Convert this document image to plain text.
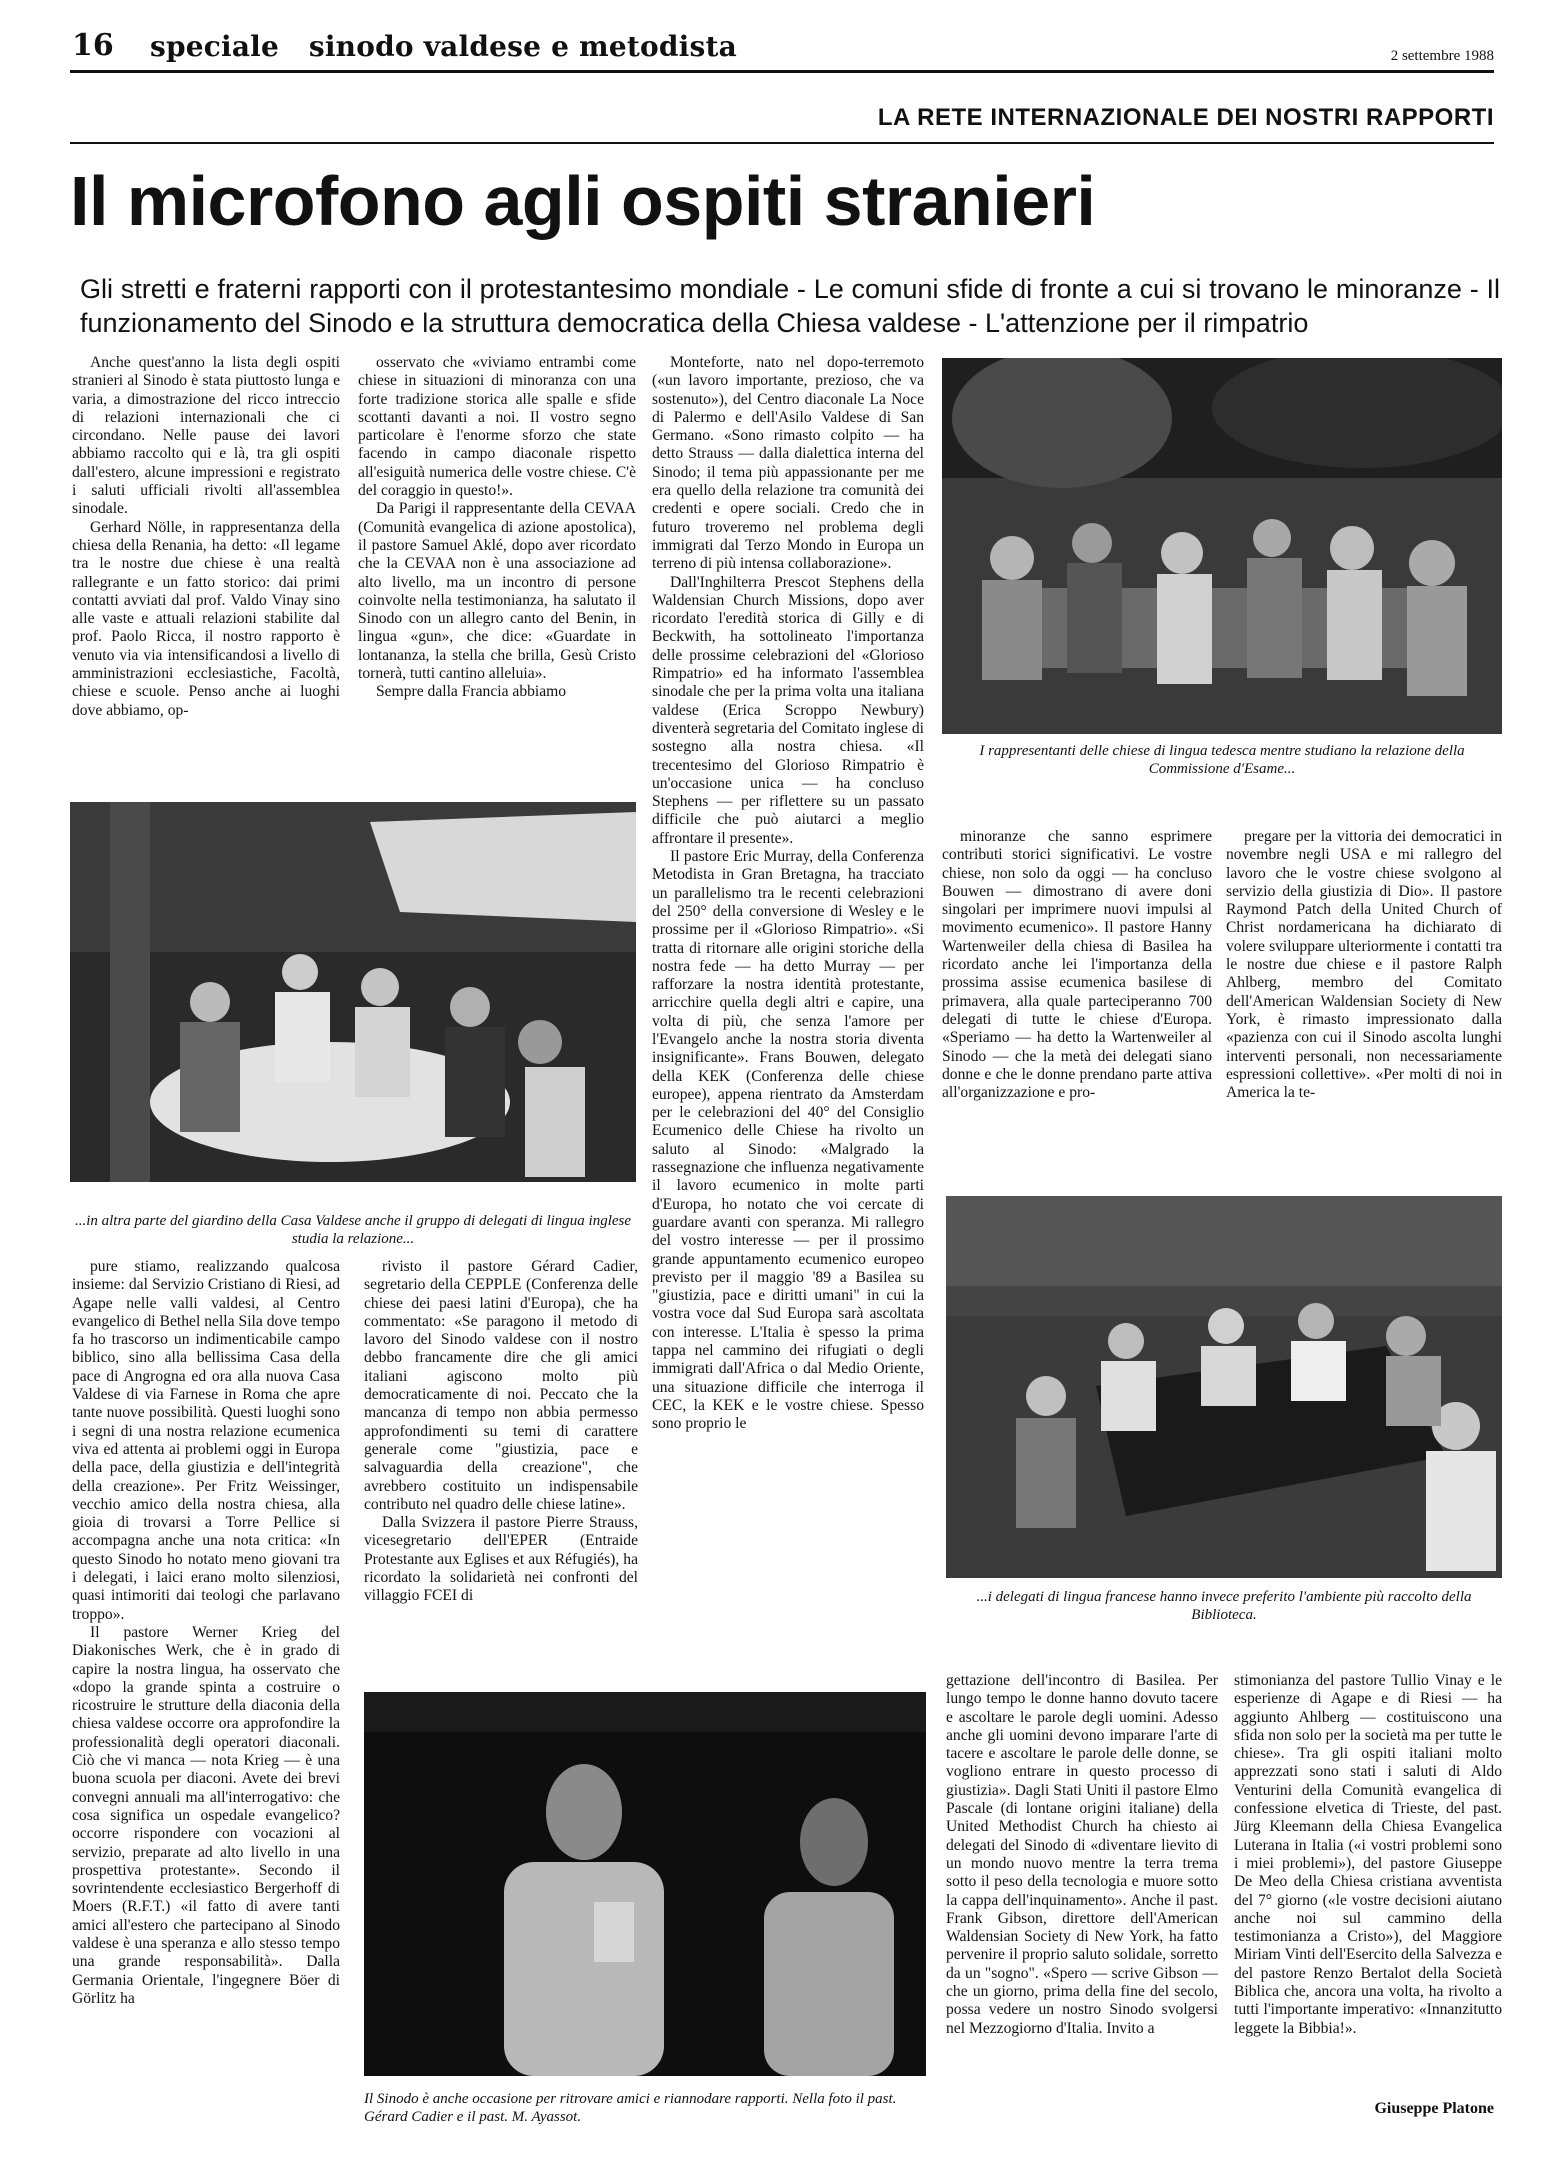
16 speciale   sinodo valdese e metodista	2 settembre 1988
LA RETE INTERNAZIONALE DEI NOSTRI RAPPORTI
Il microfono agli ospiti stranieri
Gli stretti e fraterni rapporti con il protestantesimo mondiale - Le comuni sfide di fronte a cui si trovano le minoranze - Il funzionamento del Sinodo e la struttura democratica della Chiesa valdese - L'attenzione per il rimpatrio

Anche quest'anno la lista degli ospiti stranieri al Sinodo è stata piuttosto lunga e varia, a dimostrazione del ricco intreccio di relazioni internazionali che ci circondano. Nelle pause dei lavori abbiamo raccolto qui e là, tra gli ospiti dall'estero, alcune impressioni e registrato i saluti ufficiali rivolti all'assemblea sinodale.

Gerhard Nölle, in rappresentanza della chiesa della Renania, ha detto: «Il legame tra le nostre due chiese è una realtà rallegrante e un fatto storico: dai primi contatti avviati dal prof. Valdo Vinay sino alle vaste e attuali relazioni stabilite dal prof. Paolo Ricca, il nostro rapporto è venuto via via intensificandosi a livello di amministrazioni ecclesiastiche, Facoltà, chiese e scuole. Penso anche ai luoghi dove abbiamo, op-

osservato che «viviamo entrambi come chiese in situazioni di minoranza con una forte tradizione storica alle spalle e sfide scottanti davanti a noi. Il vostro segno particolare è l'enorme sforzo che state facendo in campo diaconale rispetto all'esiguità numerica delle vostre chiese. C'è del coraggio in questo!».

Da Parigi il rappresentante della CEVAA (Comunità evangelica di azione apostolica), il pastore Samuel Aklé, dopo aver ricordato che la CEVAA non è una associazione ad alto livello, ma un incontro di persone coinvolte nella testimonianza, ha salutato il Sinodo con un allegro canto del Benin, in lingua «gun», che dice: «Guardate in lontananza, la stella che brilla, Gesù Cristo tornerà, tutti cantino alleluia».

Sempre dalla Francia abbiamo

Monteforte, nato nel dopo-terremoto («un lavoro importante, prezioso, che va sostenuto»), del Centro diaconale La Noce di Palermo e dell'Asilo Valdese di San Germano. «Sono rimasto colpito — ha detto Strauss — dalla dialettica interna del Sinodo; il tema più appassionante per me era quello della relazione tra comunità dei credenti e opere sociali. Credo che in futuro troveremo nel problema degli immigrati dal Terzo Mondo in Europa un terreno di più intensa collaborazione».

Dall'Inghilterra Prescot Stephens della Waldensian Church Missions, dopo aver ricordato l'eredità storica di Gilly e di Beckwith, ha sottolineato l'importanza delle prossime celebrazioni del «Glorioso Rimpatrio» ed ha informato l'assemblea sinodale che per la prima volta una italiana valdese (Erica Scroppo Newbury) diventerà segretaria del Comitato inglese di sostegno alla nostra chiesa. «Il trecentesimo del Glorioso Rimpatrio è un'occasione unica — ha concluso Stephens — per riflettere su un passato difficile che può aiutarci a meglio affrontare il presente».

Il pastore Eric Murray, della Conferenza Metodista in Gran Bretagna, ha tracciato un parallelismo tra le recenti celebrazioni del 250° della conversione di Wesley e le prossime per il «Glorioso Rimpatrio». «Si tratta di ritornare alle origini storiche della nostra fede — ha detto Murray — per rafforzare la nostra identità protestante, arricchire quella degli altri e capire, una volta di più, che senza l'amore per l'Evangelo anche la nostra storia diventa insignificante». Frans Bouwen, delegato della KEK (Conferenza delle chiese europee), appena rientrato da Amsterdam per le celebrazioni del 40° del Consiglio Ecumenico delle Chiese ha rivolto un saluto al Sinodo: «Malgrado la rassegnazione che influenza negativamente il lavoro ecumenico in molte parti d'Europa, ho notato che voi cercate di guardare avanti con speranza. Mi rallegro del vostro interesse — per il prossimo grande appuntamento ecumenico europeo previsto per il maggio '89 a Basilea su "giustizia, pace e diritti umani" in cui la vostra voce dal Sud Europa sarà ascoltata con interesse. L'Italia è spesso la prima tappa nel cammino dei rifugiati o degli immigrati dall'Africa o dal Medio Oriente, una situazione difficile che interroga il CEC, la KEK e le vostre chiese. Spesso sono proprio le

I rappresentanti delle chiese di lingua tedesca mentre studiano la relazione della Commissione d'Esame...
...in altra parte del giardino della Casa Valdese anche il gruppo di delegati di lingua inglese studia la relazione...

minoranze che sanno esprimere contributi storici significativi. Le vostre chiese, non solo da oggi — ha concluso Bouwen — dimostrano di avere doni singolari per imprimere nuovi impulsi al movimento ecumenico». Il pastore Hanny Wartenweiler della chiesa di Basilea ha ricordato anche lei l'importanza della prossima assise ecumenica basilese di primavera, alla quale parteciperanno 700 delegati di tutte le chiese d'Europa. «Speriamo — ha detto la Wartenweiler al Sinodo — che la metà dei delegati siano donne e che le donne prendano parte attiva all'organizzazione e pro-

pregare per la vittoria dei democratici in novembre negli USA e mi rallegro del lavoro che le vostre chiese svolgono al servizio della giustizia di Dio». Il pastore Raymond Patch della United Church of Christ nordamericana ha dichiarato di volere sviluppare ulteriormente i contatti tra le nostre due chiese e il pastore Ralph Ahlberg, membro del Comitato dell'American Waldensian Society di New York, è rimasto impressionato dalla «pazienza con cui il Sinodo ascolta lunghi interventi personali, non necessariamente espressioni collettive». «Per molti di noi in America la te-

...i delegati di lingua francese hanno invece preferito l'ambiente più raccolto della Biblioteca.

pure stiamo, realizzando qualcosa insieme: dal Servizio Cristiano di Riesi, ad Agape nelle valli valdesi, al Centro evangelico di Bethel nella Sila dove tempo fa ho trascorso un indimenticabile campo biblico, sino alla bellissima Casa della pace di Angrogna ed ora alla nuova Casa Valdese di via Farnese in Roma che apre tante nuove possibilità. Questi luoghi sono i segni di una nostra relazione ecumenica viva ed attenta ai problemi oggi in Europa della pace, della giustizia e dell'integrità della creazione». Per Fritz Weissinger, vecchio amico della nostra chiesa, alla gioia di trovarsi a Torre Pellice si accompagna anche una nota critica: «In questo Sinodo ho notato meno giovani tra i delegati, i laici erano molto silenziosi, quasi intimoriti dai teologi che parlavano troppo».

Il pastore Werner Krieg del Diakonisches Werk, che è in grado di capire la nostra lingua, ha osservato che «dopo la grande spinta a costruire o ricostruire le strutture della diaconia della chiesa valdese occorre ora approfondire la professionalità degli operatori diaconali. Ciò che vi manca — nota Krieg — è una buona scuola per diaconi. Avete dei brevi convegni annuali ma all'interrogativo: che cosa significa un ospedale evangelico? occorre rispondere con vocazioni al servizio, preparate ad alto livello in una prospettiva protestante». Secondo il sovrintendente ecclesiastico Bergerhoff di Moers (R.F.T.) «il fatto di avere tanti amici all'estero che partecipano al Sinodo valdese è una speranza e allo stesso tempo una grande responsabilità». Dalla Germania Orientale, l'ingegnere Böer di Görlitz ha

rivisto il pastore Gérard Cadier, segretario della CEPPLE (Conferenza delle chiese dei paesi latini d'Europa), che ha commentato: «Se paragono il metodo di lavoro del Sinodo valdese con il nostro debbo francamente dire che gli amici italiani agiscono molto più democraticamente di noi. Peccato che la mancanza di tempo non abbia permesso approfondimenti su temi di carattere generale come "giustizia, pace e salvaguardia della creazione", che avrebbero costituito un indispensabile contributo nel quadro delle chiese latine».

Dalla Svizzera il pastore Pierre Strauss, vicesegretario dell'EPER (Entraide Protestante aux Eglises et aux Réfugiés), ha ricordato la solidarietà nei confronti del villaggio FCEI di

Il Sinodo è anche occasione per ritrovare amici e riannodare rapporti. Nella foto il past. Gérard Cadier e il past. M. Ayassot.

gettazione dell'incontro di Basilea. Per lungo tempo le donne hanno dovuto tacere e ascoltare le parole degli uomini. Adesso anche gli uomini devono imparare l'arte di tacere e ascoltare le parole delle donne, se vogliono entrare in questo processo di giustizia». Dagli Stati Uniti il pastore Elmo Pascale (di lontane origini italiane) della United Methodist Church ha chiesto ai delegati del Sinodo di «diventare lievito di un mondo nuovo mentre la terra trema sotto il peso della tecnologia e muore sotto la cappa dell'inquinamento». Anche il past. Frank Gibson, direttore dell'American Waldensian Society di New York, ha fatto pervenire il proprio saluto solidale, sorretto da un "sogno". «Spero — scrive Gibson — che un giorno, prima della fine del secolo, possa vedere un nostro Sinodo svolgersi nel Mezzogiorno d'Italia. Invito a

stimonianza del pastore Tullio Vinay e le esperienze di Agape e di Riesi — ha aggiunto Ahlberg — costituiscono una sfida non solo per la società ma per tutte le chiese». Tra gli ospiti italiani molto apprezzati sono stati i saluti di Aldo Venturini della Comunità evangelica di confessione elvetica di Trieste, del past. Jürg Kleemann della Chiesa Evangelica Luterana in Italia («i vostri problemi sono i miei problemi»), del pastore Giuseppe De Meo della Chiesa cristiana avventista del 7° giorno («le vostre decisioni aiutano anche noi sul cammino della testimonianza a Cristo»), del Maggiore Miriam Vinti dell'Esercito della Salvezza e del pastore Renzo Bertalot della Società Biblica che, ancora una volta, ha rivolto a tutti l'importante imperativo: «Innanzitutto leggete la Bibbia!».

Giuseppe Platone
